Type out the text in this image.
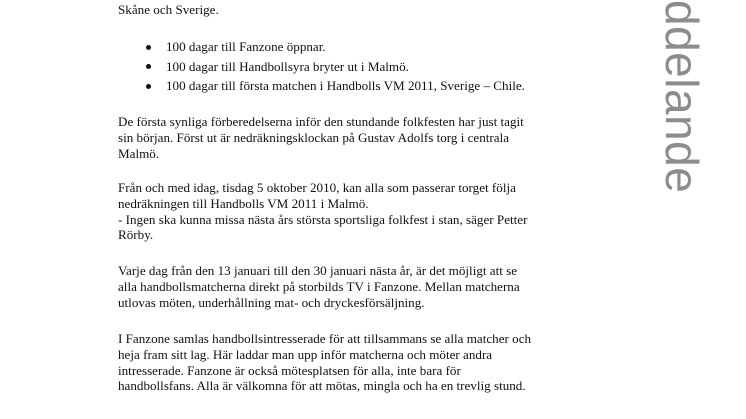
Skåne och Sverige.
100 dagar till Fanzone öppnar.
100 dagar till Handbollsyra bryter ut i Malmö.
100 dagar till första matchen i Handbolls VM 2011, Sverige – Chile.
De första synliga förberedelserna inför den stundande folkfesten har just tagit
sin början. Först ut är nedräkningsklockan på Gustav Adolfs torg i centrala
Malmö.
Från och med idag, tisdag 5 oktober 2010, kan alla som passerar torget följa
nedräkningen till Handbolls VM 2011 i Malmö.
- Ingen ska kunna missa nästa års största sportsliga folkfest i stan, säger Petter
Rörby.
Varje dag från den 13 januari till den 30 januari nästa år, är det möjligt att se
alla handbollsmatcherna direkt på storbilds TV i Fanzone. Mellan matcherna
utlovas möten, underhållning mat- och dryckesförsäljning.
I Fanzone samlas handbollsintresserade för att tillsammans se alla matcher och
heja fram sitt lag. Här laddar man upp inför matcherna och möter andra
intresserade. Fanzone är också mötesplatsen för alla, inte bara för
handbollsfans. Alla är välkomna för att mötas, mingla och ha en trevlig stund.
ddelande
